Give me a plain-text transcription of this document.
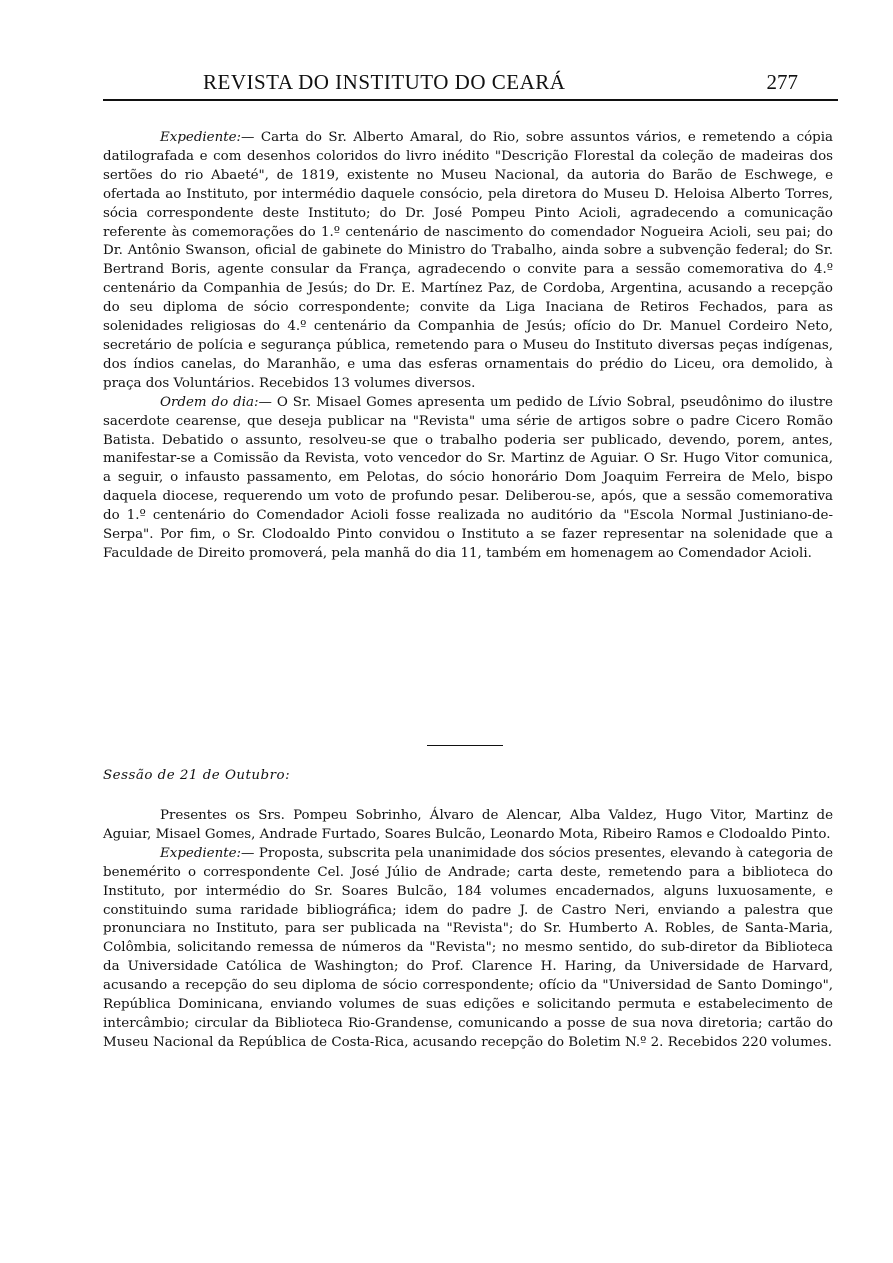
REVISTA DO INSTITUTO DO CEARÁ	277

Expediente:— Carta do Sr. Alberto Amaral, do Rio, sobre assuntos vários, e remetendo a cópia datilografada e com desenhos coloridos do livro inédito "Descrição Florestal da coleção de madeiras dos sertões do rio Abaeté", de 1819, existente no Museu Nacional, da autoria do Barão de Eschwege, e ofertada ao Instituto, por intermédio daquele consócio, pela diretora do Museu D. Heloisa Alberto Torres, sócia correspondente deste Instituto; do Dr. José Pompeu Pinto Acioli, agradecendo a comunicação referente às comemorações do 1.º centenário de nascimento do comendador Nogueira Acioli, seu pai; do Dr. Antônio Swanson, oficial de gabinete do Ministro do Trabalho, ainda sobre a subvenção federal; do Sr. Bertrand Boris, agente consular da França, agradecendo o convite para a sessão comemorativa do 4.º centenário da Companhia de Jesús; do Dr. E. Martínez Paz, de Cordoba, Argentina, acusando a recepção do seu diploma de sócio correspondente; convite da Liga Inaciana de Retiros Fechados, para as solenidades religiosas do 4.º centenário da Companhia de Jesús; ofício do Dr. Manuel Cordeiro Neto, secretário de polícia e segurança pública, remetendo para o Museu do Instituto diversas peças indígenas, dos índios canelas, do Maranhão, e uma das esferas ornamentais do prédio do Liceu, ora demolido, à praça dos Voluntários. Recebidos 13 volumes diversos.

Ordem do dia:— O Sr. Misael Gomes apresenta um pedido de Lívio Sobral, pseudônimo do ilustre sacerdote cearense, que deseja publicar na "Revista" uma série de artigos sobre o padre Cicero Romão Batista. Debatido o assunto, resolveu-se que o trabalho poderia ser publicado, devendo, porem, antes, manifestar-se a Comissão da Revista, voto vencedor do Sr. Martinz de Aguiar. O Sr. Hugo Vitor comunica, a seguir, o infausto passamento, em Pelotas, do sócio honorário Dom Joaquim Ferreira de Melo, bispo daquela diocese, requerendo um voto de profundo pesar. Deliberou-se, após, que a sessão comemorativa do 1.º centenário do Comendador Acioli fosse realizada no auditório da "Escola Normal Justiniano-de-Serpa". Por fim, o Sr. Clodoaldo Pinto convidou o Instituto a se fazer representar na solenidade que a Faculdade de Direito promoverá, pela manhã do dia 11, também em homenagem ao Comendador Acioli.

Sessão de 21 de Outubro:

Presentes os Srs. Pompeu Sobrinho, Álvaro de Alencar, Alba Valdez, Hugo Vitor, Martinz de Aguiar, Misael Gomes, Andrade Furtado, Soares Bulcão, Leonardo Mota, Ribeiro Ramos e Clodoaldo Pinto.

Expediente:— Proposta, subscrita pela unanimidade dos sócios presentes, elevando à categoria de benemérito o correspondente Cel. José Júlio de Andrade; carta deste, remetendo para a biblioteca do Instituto, por intermédio do Sr. Soares Bulcão, 184 volumes encadernados, alguns luxuosamente, e constituindo suma raridade bibliográfica; idem do padre J. de Castro Neri, enviando a palestra que pronunciara no Instituto, para ser publicada na "Revista"; do Sr. Humberto A. Robles, de Santa-Maria, Colômbia, solicitando remessa de números da "Revista"; no mesmo sentido, do sub-diretor da Biblioteca da Universidade Católica de Washington; do Prof. Clarence H. Haring, da Universidade de Harvard, acusando a recepção do seu diploma de sócio correspondente; ofício da "Universidad de Santo Domingo", República Dominicana, enviando volumes de suas edições e solicitando permuta e estabelecimento de intercâmbio; circular da Biblioteca Rio-Grandense, comunicando a posse de sua nova diretoria; cartão do Museu Nacional da República de Costa-Rica, acusando recepção do Boletim N.º 2. Recebidos 220 volumes.
